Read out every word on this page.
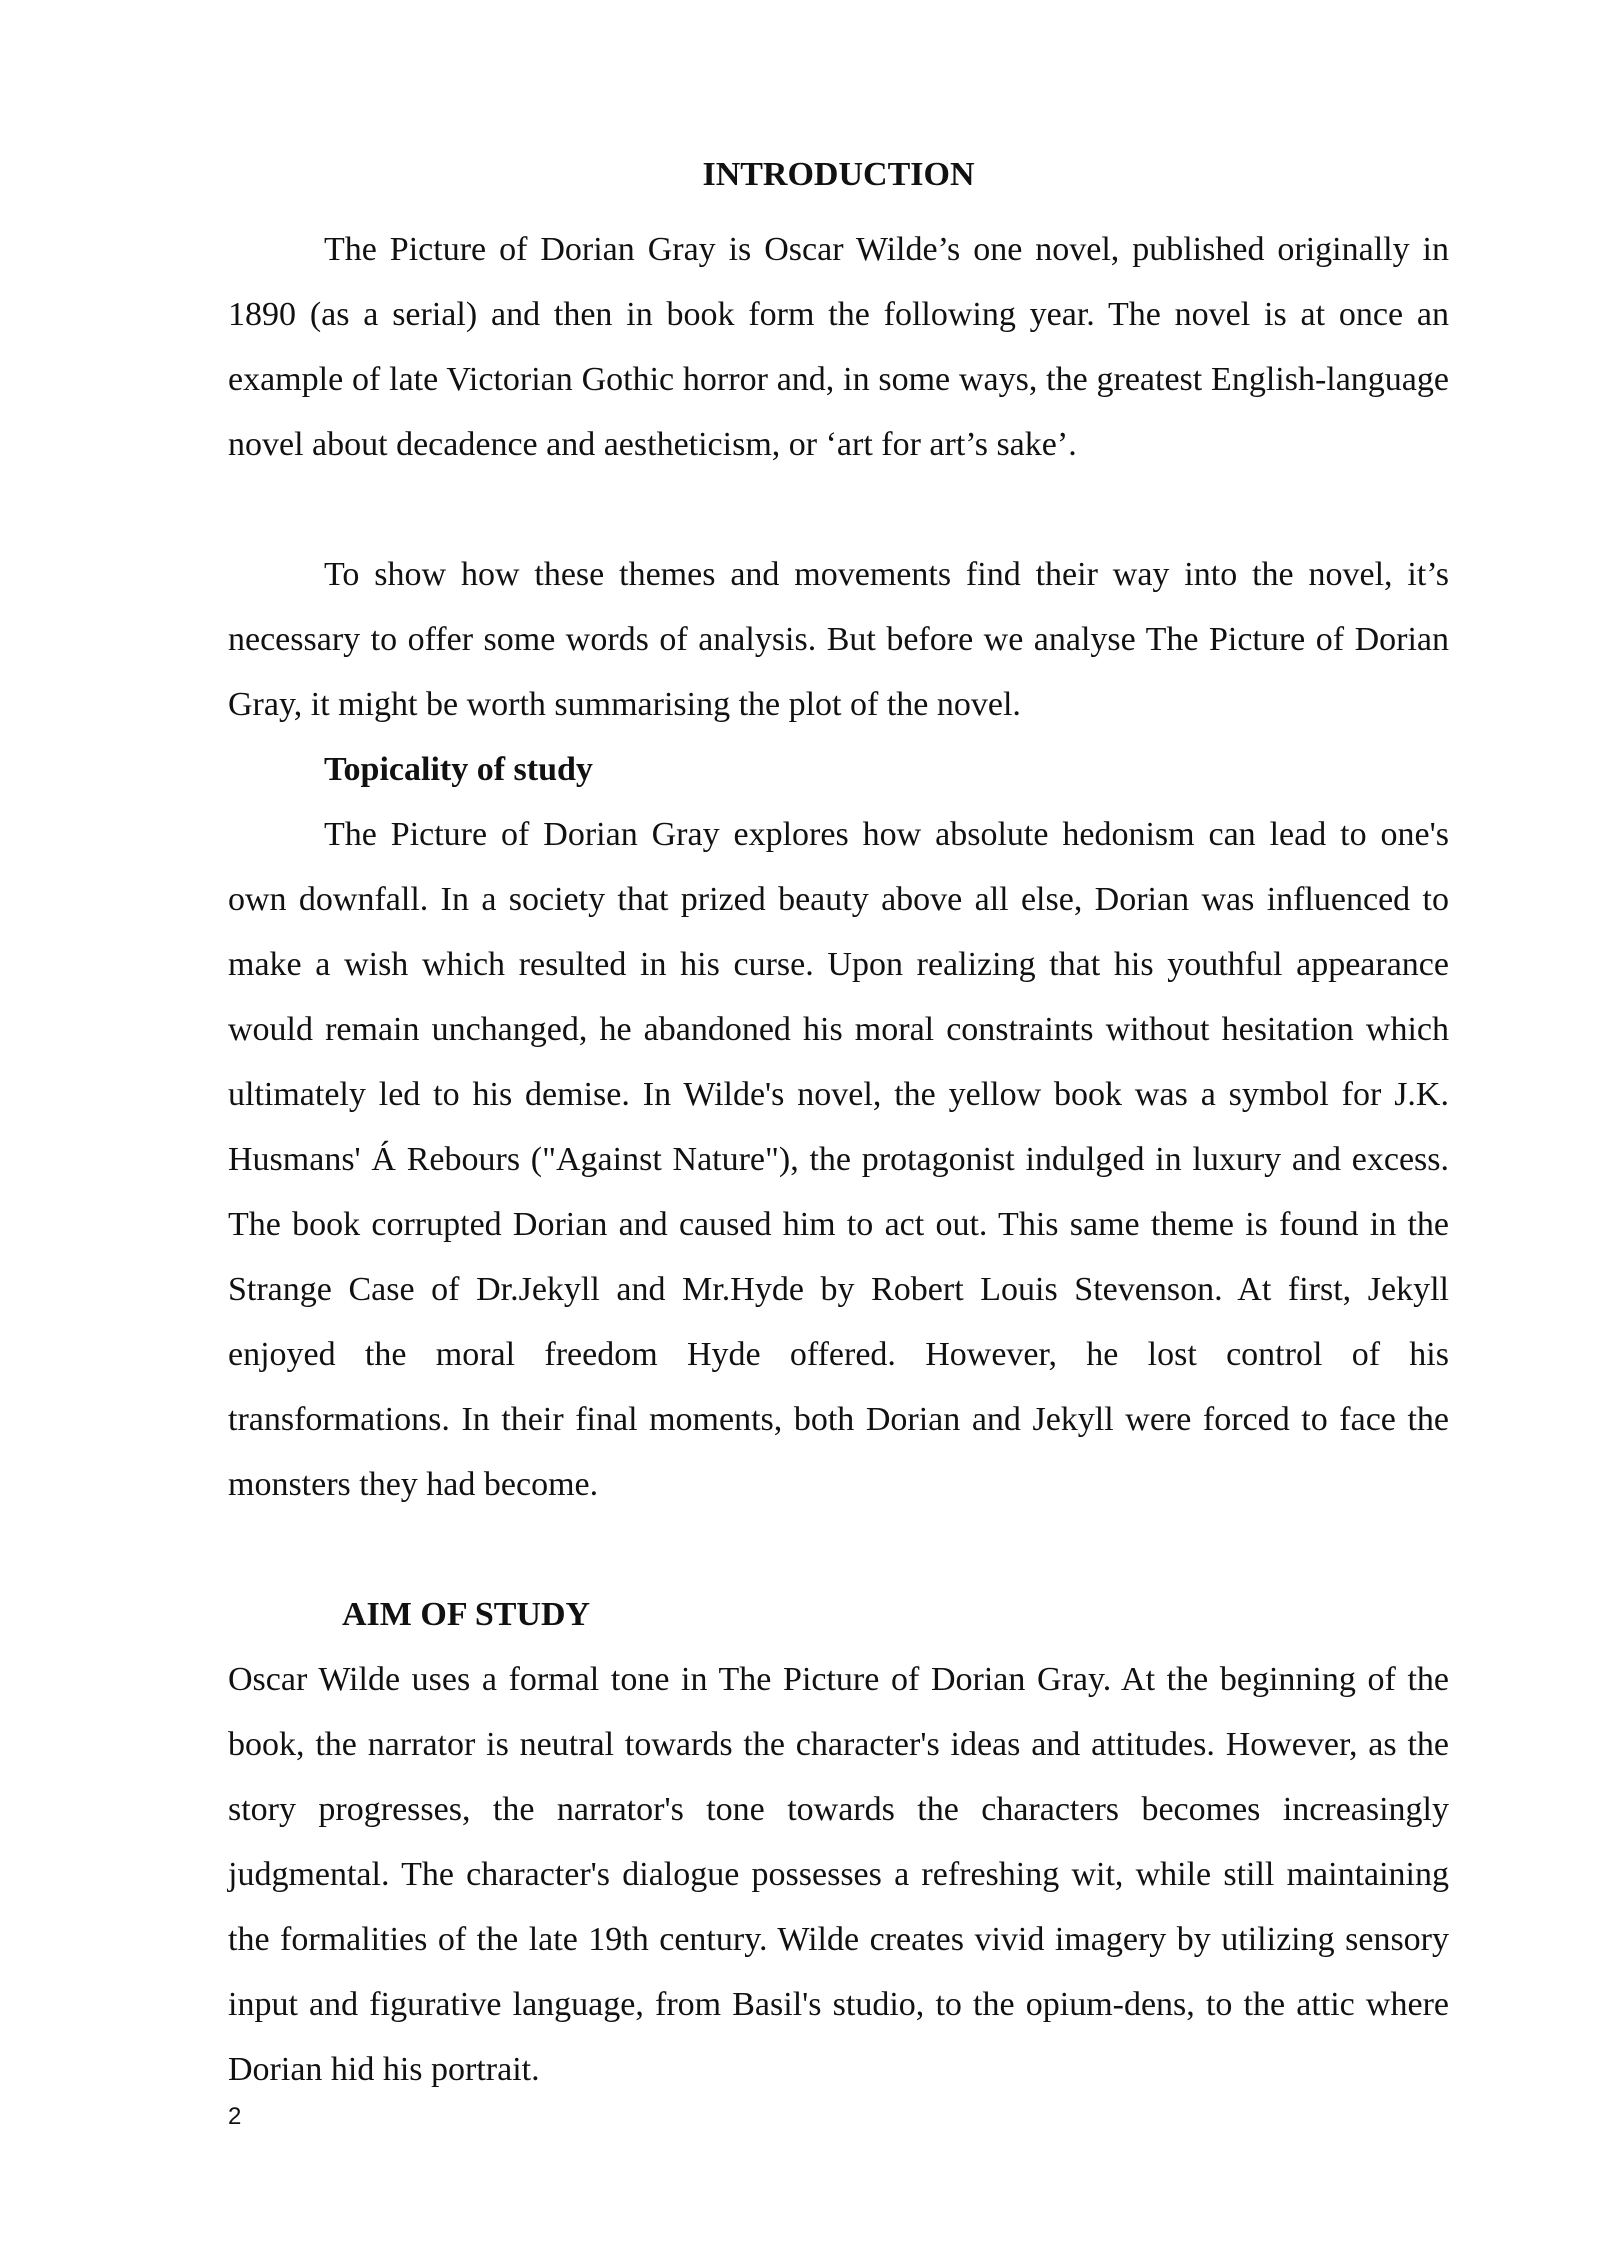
INTRODUCTION

The Picture of Dorian Gray is Oscar Wilde’s one novel, published originally in 1890 (as a serial) and then in book form the following year. The novel is at once an example of late Victorian Gothic horror and, in some ways, the greatest English-language novel about decadence and aestheticism, or ‘art for art’s sake’.

To show how these themes and movements find their way into the novel, it’s necessary to offer some words of analysis. But before we analyse The Picture of Dorian Gray, it might be worth summarising the plot of the novel.

Topicality of study

The Picture of Dorian Gray explores how absolute hedonism can lead to one's own downfall. In a society that prized beauty above all else, Dorian was influenced to make a wish which resulted in his curse. Upon realizing that his youthful appearance would remain unchanged, he abandoned his moral constraints without hesitation which ultimately led to his demise. In Wilde's novel, the yellow book was a symbol for J.K. Husmans' Á Rebours ("Against Nature"), the protagonist indulged in luxury and excess. The book corrupted Dorian and caused him to act out. This same theme is found in the Strange Case of Dr.Jekyll and Mr.Hyde by Robert Louis Stevenson. At first, Jekyll enjoyed the moral freedom Hyde offered. However, he lost control of his transformations. In their final moments, both Dorian and Jekyll were forced to face the monsters they had become.

AIM OF STUDY

Oscar Wilde uses a formal tone in The Picture of Dorian Gray. At the beginning of the book, the narrator is neutral towards the character's ideas and attitudes. However, as the story progresses, the narrator's tone towards the characters becomes increasingly judgmental. The character's dialogue possesses a refreshing wit, while still maintaining the formalities of the late 19th century. Wilde creates vivid imagery by utilizing sensory input and figurative language, from Basil's studio, to the opium-dens, to the attic where Dorian hid his portrait.

2
